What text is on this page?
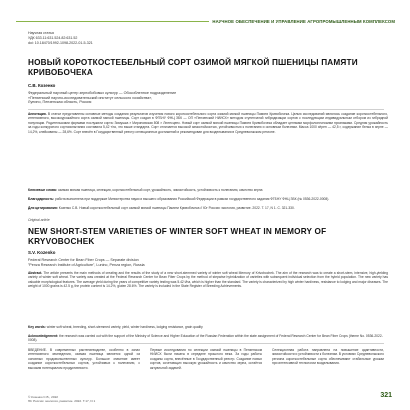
НАУЧНОЕ ОБЕСПЕЧЕНИЕ И УПРАВЛЕНИЕ АГРОПРОМЫШЛЕННЫМ КОМПЛЕКСОМ
Научная статья
УДК 633.11:631.524.82:631.52
doi: 10.18470/1992-1098-2022-01-5-321
НОВЫЙ КОРОТКОСТЕБЕЛЬНЫЙ СОРТ ОЗИМОЙ МЯГКОЙ ПШЕНИЦЫ ПАМЯТИ КРИВОБОЧЕКА
С.В. Козенко
Федеральный научный центр зернобобовых культур — Обособленное подразделение
«Пензенский научно-исследовательский институт сельского хозяйства»,
Лунино, Пензенская область, Россия
Аннотация. В статье представлены основные методы создания результатов изучения нового короткостебельного сорта озимой мягкой пшеницы Памяти Кривобочека. Целью исследований являлось создание короткостебельного, интенсивного, высокоурожайного сорта озимой мягкой пшеницы. Сорт создан в ФГБНУ ФНЦ ЗБК — ОП «Пензенский НИИСХ» методом ступенчатой гибридизации сортов с последующим индивидуальным отбором из гибридной популяции. Родительскими формами послужили сорта: Зимушка × Мироновская 808 × Лютесценс. Новый сорт озимой мягкой пшеницы Памяти Кривобочека обладает ценными морфологическими признаками. Средняя урожайность за годы конкурсного сортоиспытания составила 5,42 т/га, что выше стандарта. Сорт отличается высокой зимостойкостью, устойчивостью к полеганию и основным болезням. Масса 1000 зёрен — 42,5 г, содержание белка в зерне — 14,2%, клейковины — 28,6%. Сорт внесён в Государственный реестр селекционных достижений и рекомендован для возделывания в Средневолжском регионе.
Ключевые слова: озимая мягкая пшеница, селекция, короткостебельный сорт, урожайность, зимостойкость, устойчивость к полеганию, качество зерна
Благодарность: работа выполнена при поддержке Министерства науки и высшего образования Российской Федерации в рамках государственного задания ФГБНУ ФНЦ ЗБК (№ 0536-2022-0008).
Для цитирования: Козенко С.В. Новый короткостебельный сорт озимой мягкой пшеницы Памяти Кривобочека // Юг России: экология, развитие. 2022. Т. 17, N 1. С. 321-330.
Original article
NEW SHORT-STEM VARIETIES OF WINTER SOFT WHEAT IN MEMORY OF KRYVOBOCHEK
S.V. Kozenko
Federal Research Center for Bean Fiber Crops — Separate division
"Penza Research Institute of Agriculture", Lunino, Penza region, Russia
Abstract. The article presents the main methods of creating and the results of the study of a new short-stemmed variety of winter soft wheat Memory of Krivobochek. The aim of the research was to create a short-stem, intensive, high-yielding variety of winter soft wheat. The variety was created at the Federal Research Center for Bean Fiber Crops by the method of stepwise hybridization of varieties with subsequent individual selection from the hybrid population. The new variety has valuable morphological features. The average yield during the years of competitive variety testing was 5.42 t/ha, which is higher than the standard. The variety is characterized by high winter hardiness, resistance to lodging and major diseases. The weight of 1000 grains is 42.5 g, the protein content is 14.2%, gluten 28.6%. The variety is included in the State Register of Breeding Achievements.
Key words: winter soft wheat, breeding, short-stemmed variety, yield, winter hardiness, lodging resistance, grain quality
Acknowledgement: the research was carried out with the support of the Ministry of Science and Higher Education of the Russian Federation within the state assignment of Federal Research Center for Bean Fiber Crops (theme No. 0536-2022-0008).
ВВЕДЕНИЕ. В современных растениеводстве, особенно в зонах интенсивного земледелия, озимая пшеница является одной из основных продовольственных культур. Большое значение имеет создание короткостебельных сортов, устойчивых к полеганию, с высоким потенциалом продуктивности.
Первые исследования по селекции озимой пшеницы в Пензенском НИИСХ были начаты в середине прошлого века. За годы работы созданы сорта, внесённые в Государственный реестр. Создание новых сортов, сочетающих высокую урожайность и качество зерна, остаётся актуальной задачей.
Селекционная работа направлена на повышение адаптивности, зимостойкости и устойчивости к болезням. В условиях Средневолжского региона короткостебельные сорта обеспечивают стабильные урожаи при интенсивной технологии возделывания.
© Козенко С.В., 2022
Юг России: экология, развитие. 2022. Т.17, N 1
321
